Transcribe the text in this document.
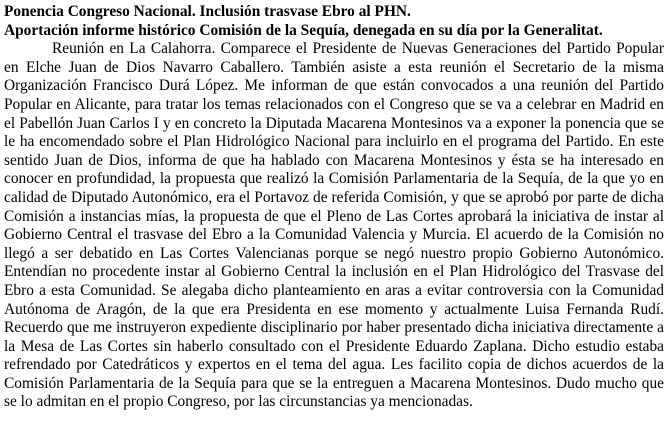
Ponencia Congreso Nacional. Inclusión trasvase Ebro al PHN.

Aportación informe histórico Comisión de la Sequía, denegada en su día por la Generalitat.

Reunión en La Calahorra. Comparece el Presidente de Nuevas Generaciones del Partido Popular en Elche Juan de Dios Navarro Caballero. También asiste a esta reunión el Secretario de la misma Organización Francisco Durá López. Me informan de que están convocados a una reunión del Partido Popular en Alicante, para tratar los temas relacionados con el Congreso que se va a celebrar en Madrid en el Pabellón Juan Carlos I y en concreto la Diputada Macarena Montesinos va a exponer la ponencia que se le ha encomendado sobre el Plan Hidrológico Nacional para incluirlo en el programa del Partido. En este sentido Juan de Dios, informa de que ha hablado con Macarena Montesinos y ésta se ha interesado en conocer en profundidad, la propuesta que realizó la Comisión Parlamentaria de la Sequía, de la que yo en calidad de Diputado Autonómico, era el Portavoz de referida Comisión, y que se aprobó por parte de dicha Comisión a instancias mías, la propuesta de que el Pleno de Las Cortes aprobará la iniciativa de instar al Gobierno Central el trasvase del Ebro a la Comunidad Valencia y Murcia. El acuerdo de la Comisión no llegó a ser debatido en Las Cortes Valencianas porque se negó nuestro propio Gobierno Autonómico. Entendían no procedente instar al Gobierno Central la inclusión en el Plan Hidrológico del Trasvase del Ebro a esta Comunidad. Se alegaba dicho planteamiento en aras a evitar controversia con la Comunidad Autónoma de Aragón, de la que era Presidenta en ese momento y actualmente Luisa Fernanda Rudí. Recuerdo que me instruyeron expediente disciplinario por haber presentado dicha iniciativa directamente a la Mesa de Las Cortes sin haberlo consultado con el Presidente Eduardo Zaplana. Dicho estudio estaba refrendado por Catedráticos y expertos en el tema del agua. Les facilito copia de dichos acuerdos de la Comisión Parlamentaria de la Sequía para que se la entreguen a Macarena Montesinos. Dudo mucho que se lo admitan en el propio Congreso, por las circunstancias ya mencionadas.
